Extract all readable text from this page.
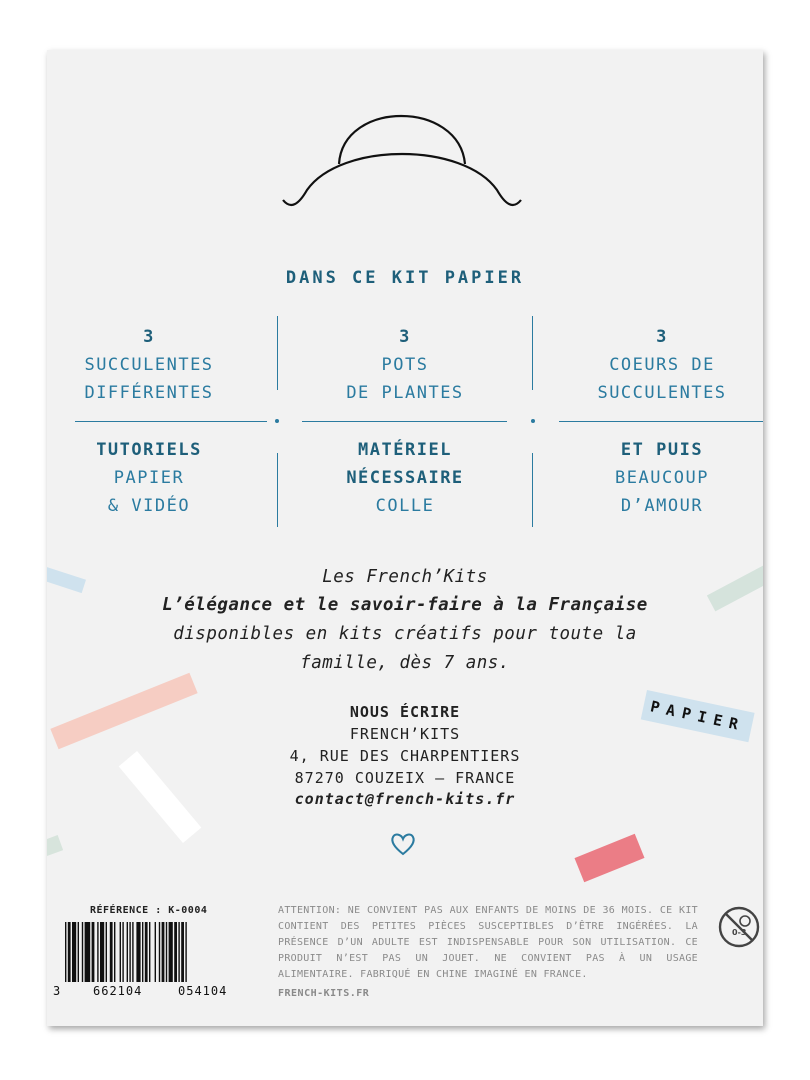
DANS CE KIT PAPIER
3
SUCCULENTES
DIFFÉRENTES
3
POTS
DE PLANTES
3
COEURS DE
SUCCULENTES
TUTORIELS
PAPIER
& VIDÉO
MATÉRIEL
NÉCESSAIRE
COLLE
ET PUIS
BEAUCOUP
D’AMOUR
Les French’Kits
L’élégance et le savoir-faire à la Française
disponibles en kits créatifs pour toute la
famille, dès 7 ans.
PAPIER
NOUS ÉCRIRE
FRENCH’KITS
4, RUE DES CHARPENTIERS
87270 COUZEIX – FRANCE
contact@french-kits.fr
RÉFÉRENCE : K-0004
3	662104	054104
ATTENTION: NE CONVIENT PAS AUX ENFANTS DE MOINS DE 36 MOIS. CE KIT CONTIENT DES PETITES PIÈCES SUSCEPTIBLES D’ÊTRE INGÉRÉES. LA PRÉSENCE D’UN ADULTE EST INDISPENSABLE POUR SON UTILISATION. CE PRODUIT N’EST PAS UN JOUET. NE CONVIENT PAS À UN USAGE ALIMENTAIRE. FABRIQUÉ EN CHINE IMAGINÉ EN FRANCE.
FRENCH-KITS.FR
0-3
